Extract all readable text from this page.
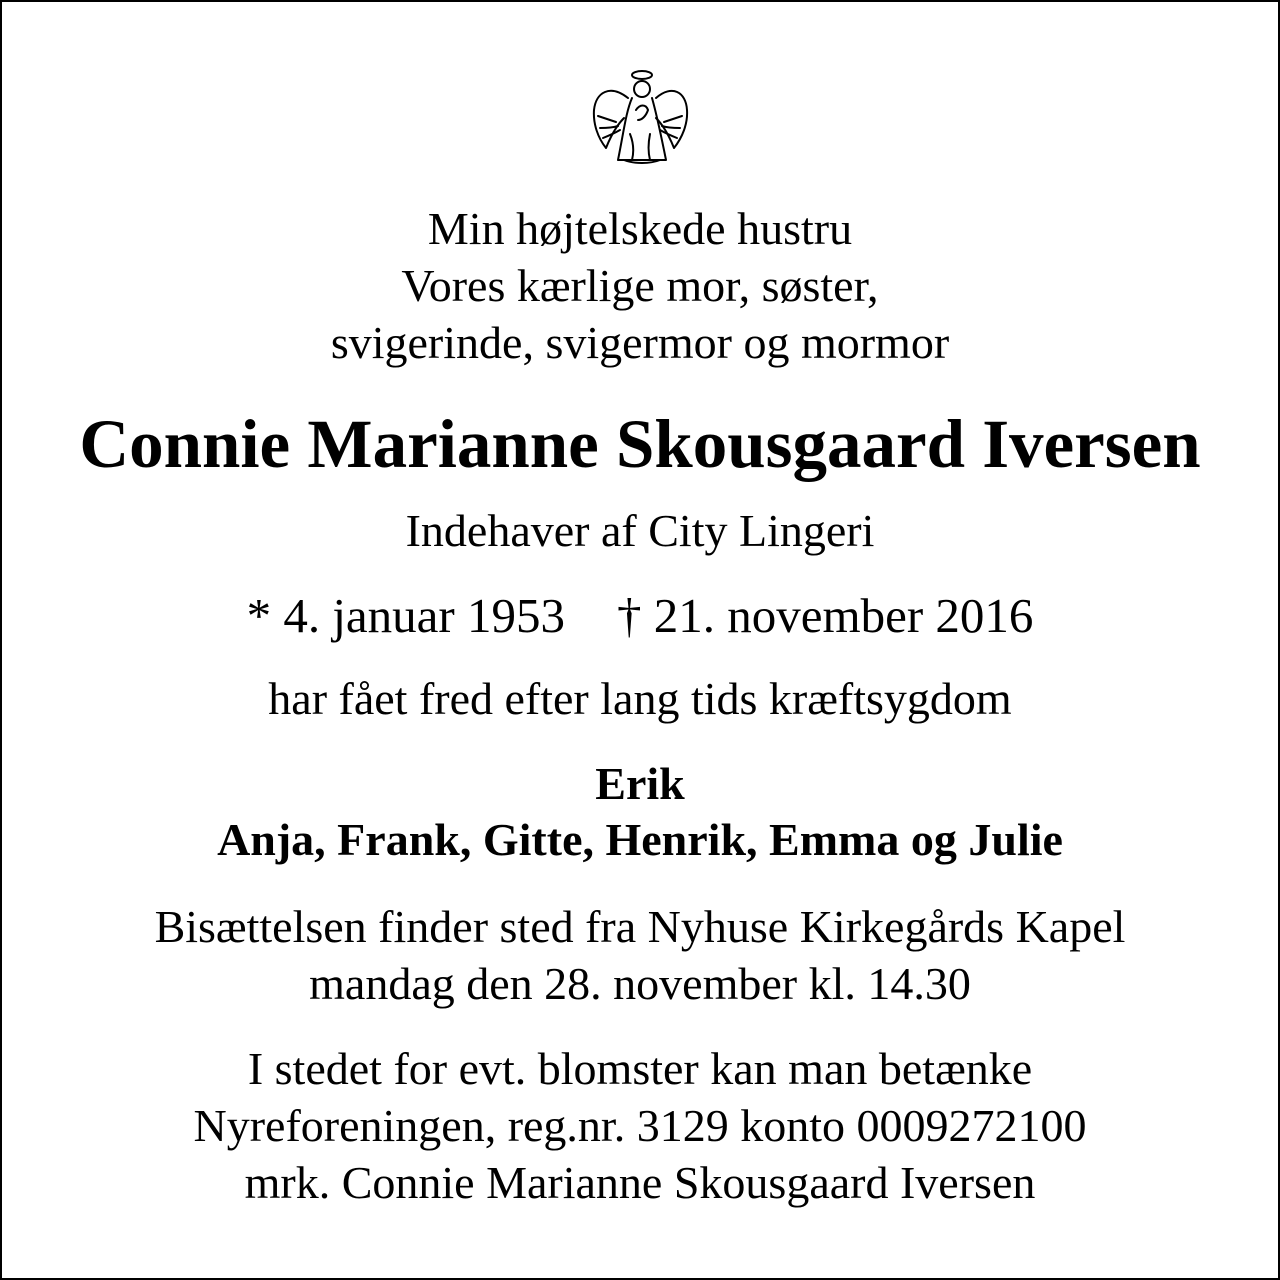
Min højtelskede hustru
Vores kærlige mor, søster,
svigerinde, svigermor og mormor
Connie Marianne Skousgaard Iversen
Indehaver af City Lingeri
* 4. januar 1953 † 21. november 2016
har fået fred efter lang tids kræftsygdom
Erik
Anja, Frank, Gitte, Henrik, Emma og Julie
Bisættelsen finder sted fra Nyhuse Kirkegårds Kapel
mandag den 28. november kl. 14.30
I stedet for evt. blomster kan man betænke
Nyreforeningen, reg.nr. 3129 konto 0009272100
mrk. Connie Marianne Skousgaard Iversen
